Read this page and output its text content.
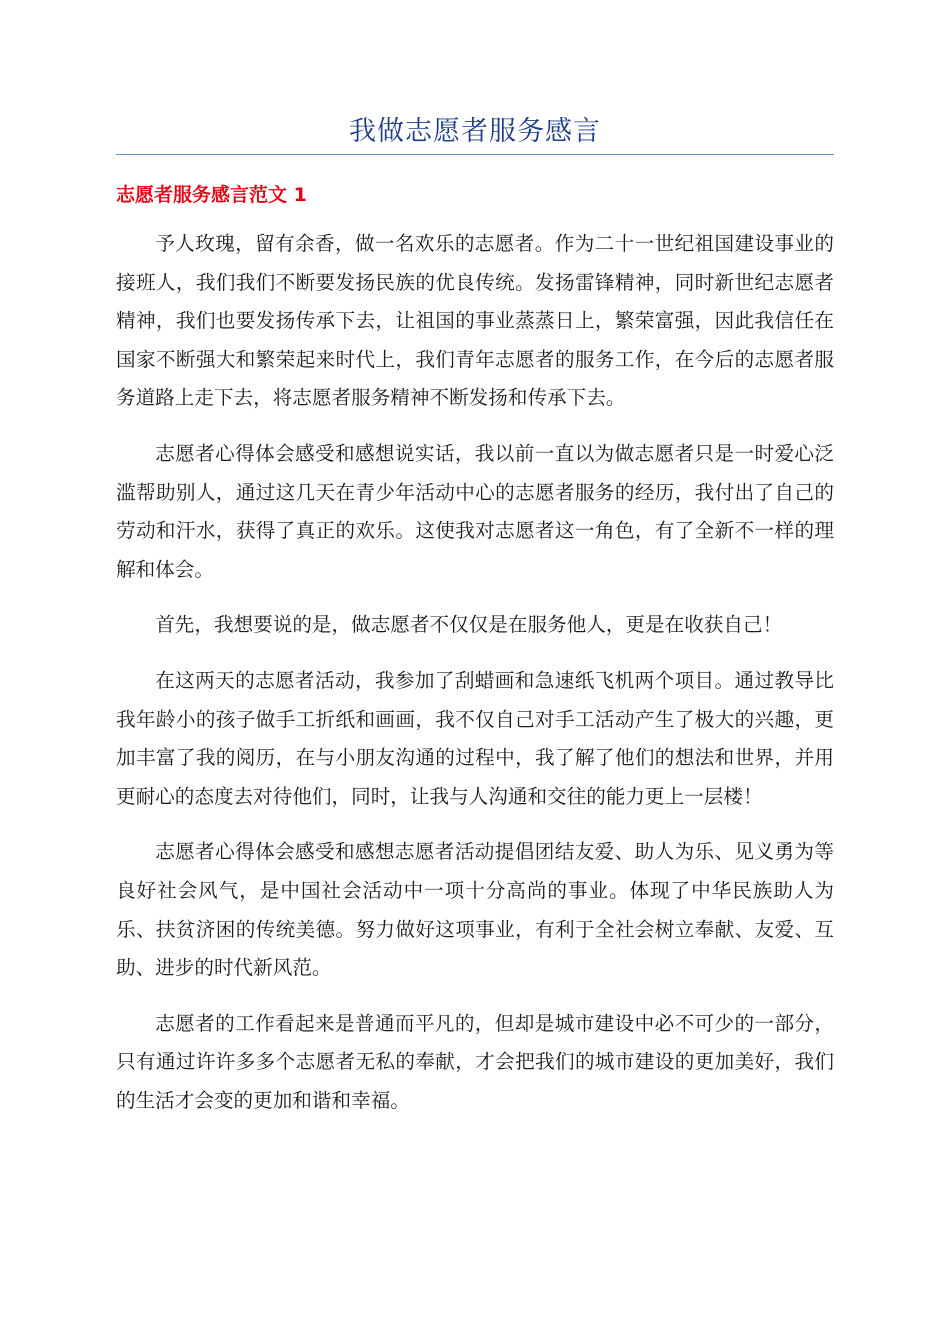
我做志愿者服务感言
志愿者服务感言范文 1

予人玫瑰，留有余香，做一名欢乐的志愿者。作为二十一世纪祖国建设事业的接班人，我们我们不断要发扬民族的优良传统。发扬雷锋精神，同时新世纪志愿者精神，我们也要发扬传承下去，让祖国的事业蒸蒸日上，繁荣富强，因此我信任在国家不断强大和繁荣起来时代上，我们青年志愿者的服务工作，在今后的志愿者服务道路上走下去，将志愿者服务精神不断发扬和传承下去。

志愿者心得体会感受和感想说实话，我以前一直以为做志愿者只是一时爱心泛滥帮助别人，通过这几天在青少年活动中心的志愿者服务的经历，我付出了自己的劳动和汗水，获得了真正的欢乐。这使我对志愿者这一角色，有了全新不一样的理解和体会。

首先，我想要说的是，做志愿者不仅仅是在服务他人，更是在收获自己！

在这两天的志愿者活动，我参加了刮蜡画和急速纸飞机两个项目。通过教导比我年龄小的孩子做手工折纸和画画，我不仅自己对手工活动产生了极大的兴趣，更加丰富了我的阅历，在与小朋友沟通的过程中，我了解了他们的想法和世界，并用更耐心的态度去对待他们，同时，让我与人沟通和交往的能力更上一层楼！

志愿者心得体会感受和感想志愿者活动提倡团结友爱、助人为乐、见义勇为等良好社会风气，是中国社会活动中一项十分高尚的事业。体现了中华民族助人为乐、扶贫济困的传统美德。努力做好这项事业，有利于全社会树立奉献、友爱、互助、进步的时代新风范。

志愿者的工作看起来是普通而平凡的，但却是城市建设中必不可少的一部分，只有通过许许多多个志愿者无私的奉献，才会把我们的城市建设的更加美好，我们的生活才会变的更加和谐和幸福。
